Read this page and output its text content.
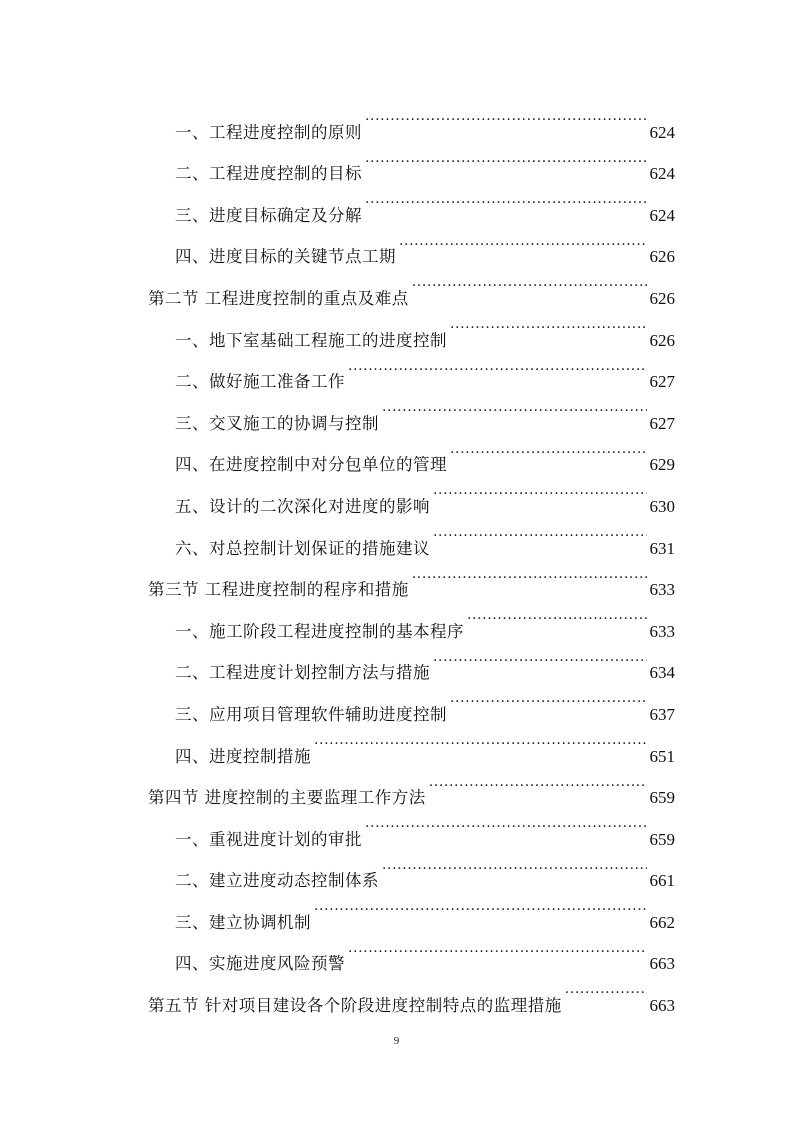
一、工程进度控制的原则 .....	624
二、工程进度控制的目标 .....	624
三、进度目标确定及分解 .....	624
四、进度目标的关键节点工期 .....	626
第二节 工程进度控制的重点及难点 .....	626
一、地下室基础工程施工的进度控制 .....	626
二、做好施工准备工作 .....	627
三、交叉施工的协调与控制 .....	627
四、在进度控制中对分包单位的管理 .....	629
五、设计的二次深化对进度的影响 .....	630
六、对总控制计划保证的措施建议 .....	631
第三节 工程进度控制的程序和措施 .....	633
一、施工阶段工程进度控制的基本程序 .....	633
二、工程进度计划控制方法与措施 .....	634
三、应用项目管理软件辅助进度控制 .....	637
四、进度控制措施 .....	651
第四节 进度控制的主要监理工作方法 .....	659
一、重视进度计划的审批 .....	659
二、建立进度动态控制体系 .....	661
三、建立协调机制 .....	662
四、实施进度风险预警 .....	663
第五节 针对项目建设各个阶段进度控制特点的监理措施 .....	663
9
